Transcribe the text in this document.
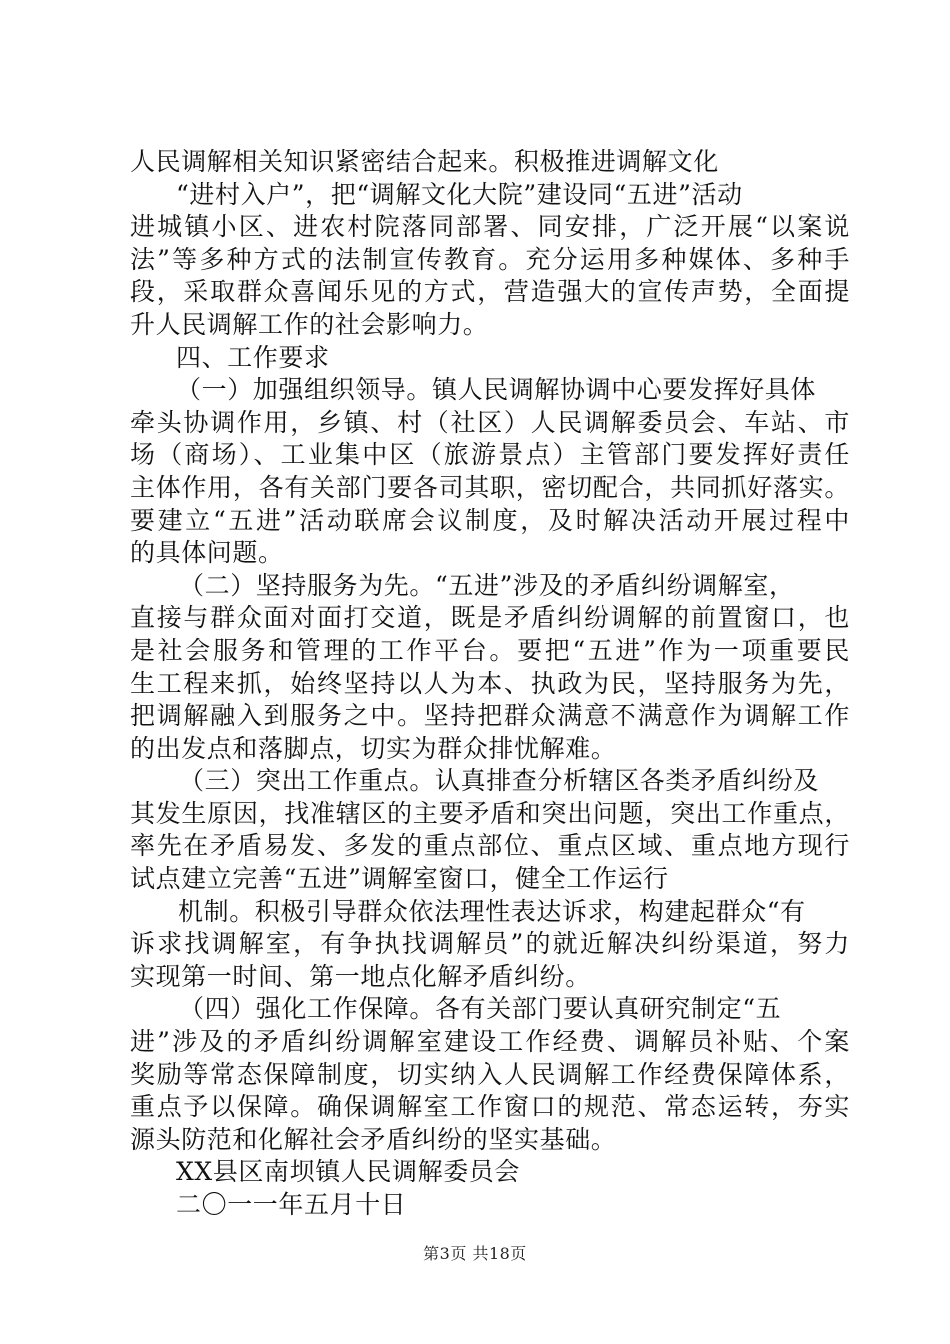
人民调解相关知识紧密结合起来。积极推进调解文化
“进村入户”，把“调解文化大院”建设同“五进”活动
进城镇小区、进农村院落同部署、同安排，广泛开展“以案说
法”等多种方式的法制宣传教育。充分运用多种媒体、多种手
段，采取群众喜闻乐见的方式，营造强大的宣传声势，全面提
升人民调解工作的社会影响力。
四、工作要求
（一）加强组织领导。镇人民调解协调中心要发挥好具体
牵头协调作用，乡镇、村（社区）人民调解委员会、车站、市
场（商场）、工业集中区（旅游景点）主管部门要发挥好责任
主体作用，各有关部门要各司其职，密切配合，共同抓好落实。
要建立“五进”活动联席会议制度，及时解决活动开展过程中
的具体问题。
（二）坚持服务为先。“五进”涉及的矛盾纠纷调解室，
直接与群众面对面打交道，既是矛盾纠纷调解的前置窗口，也
是社会服务和管理的工作平台。要把“五进”作为一项重要民
生工程来抓，始终坚持以人为本、执政为民，坚持服务为先，
把调解融入到服务之中。坚持把群众满意不满意作为调解工作
的出发点和落脚点，切实为群众排忧解难。
（三）突出工作重点。认真排查分析辖区各类矛盾纠纷及
其发生原因，找准辖区的主要矛盾和突出问题，突出工作重点，
率先在矛盾易发、多发的重点部位、重点区域、重点地方现行
试点建立完善“五进”调解室窗口，健全工作运行
机制。积极引导群众依法理性表达诉求，构建起群众“有
诉求找调解室，有争执找调解员”的就近解决纠纷渠道，努力
实现第一时间、第一地点化解矛盾纠纷。
（四）强化工作保障。各有关部门要认真研究制定“五
进”涉及的矛盾纠纷调解室建设工作经费、调解员补贴、个案
奖励等常态保障制度，切实纳入人民调解工作经费保障体系，
重点予以保障。确保调解室工作窗口的规范、常态运转，夯实
源头防范和化解社会矛盾纠纷的坚实基础。
XX县区南坝镇人民调解委员会
二〇一一年五月十日
第3页 共18页
